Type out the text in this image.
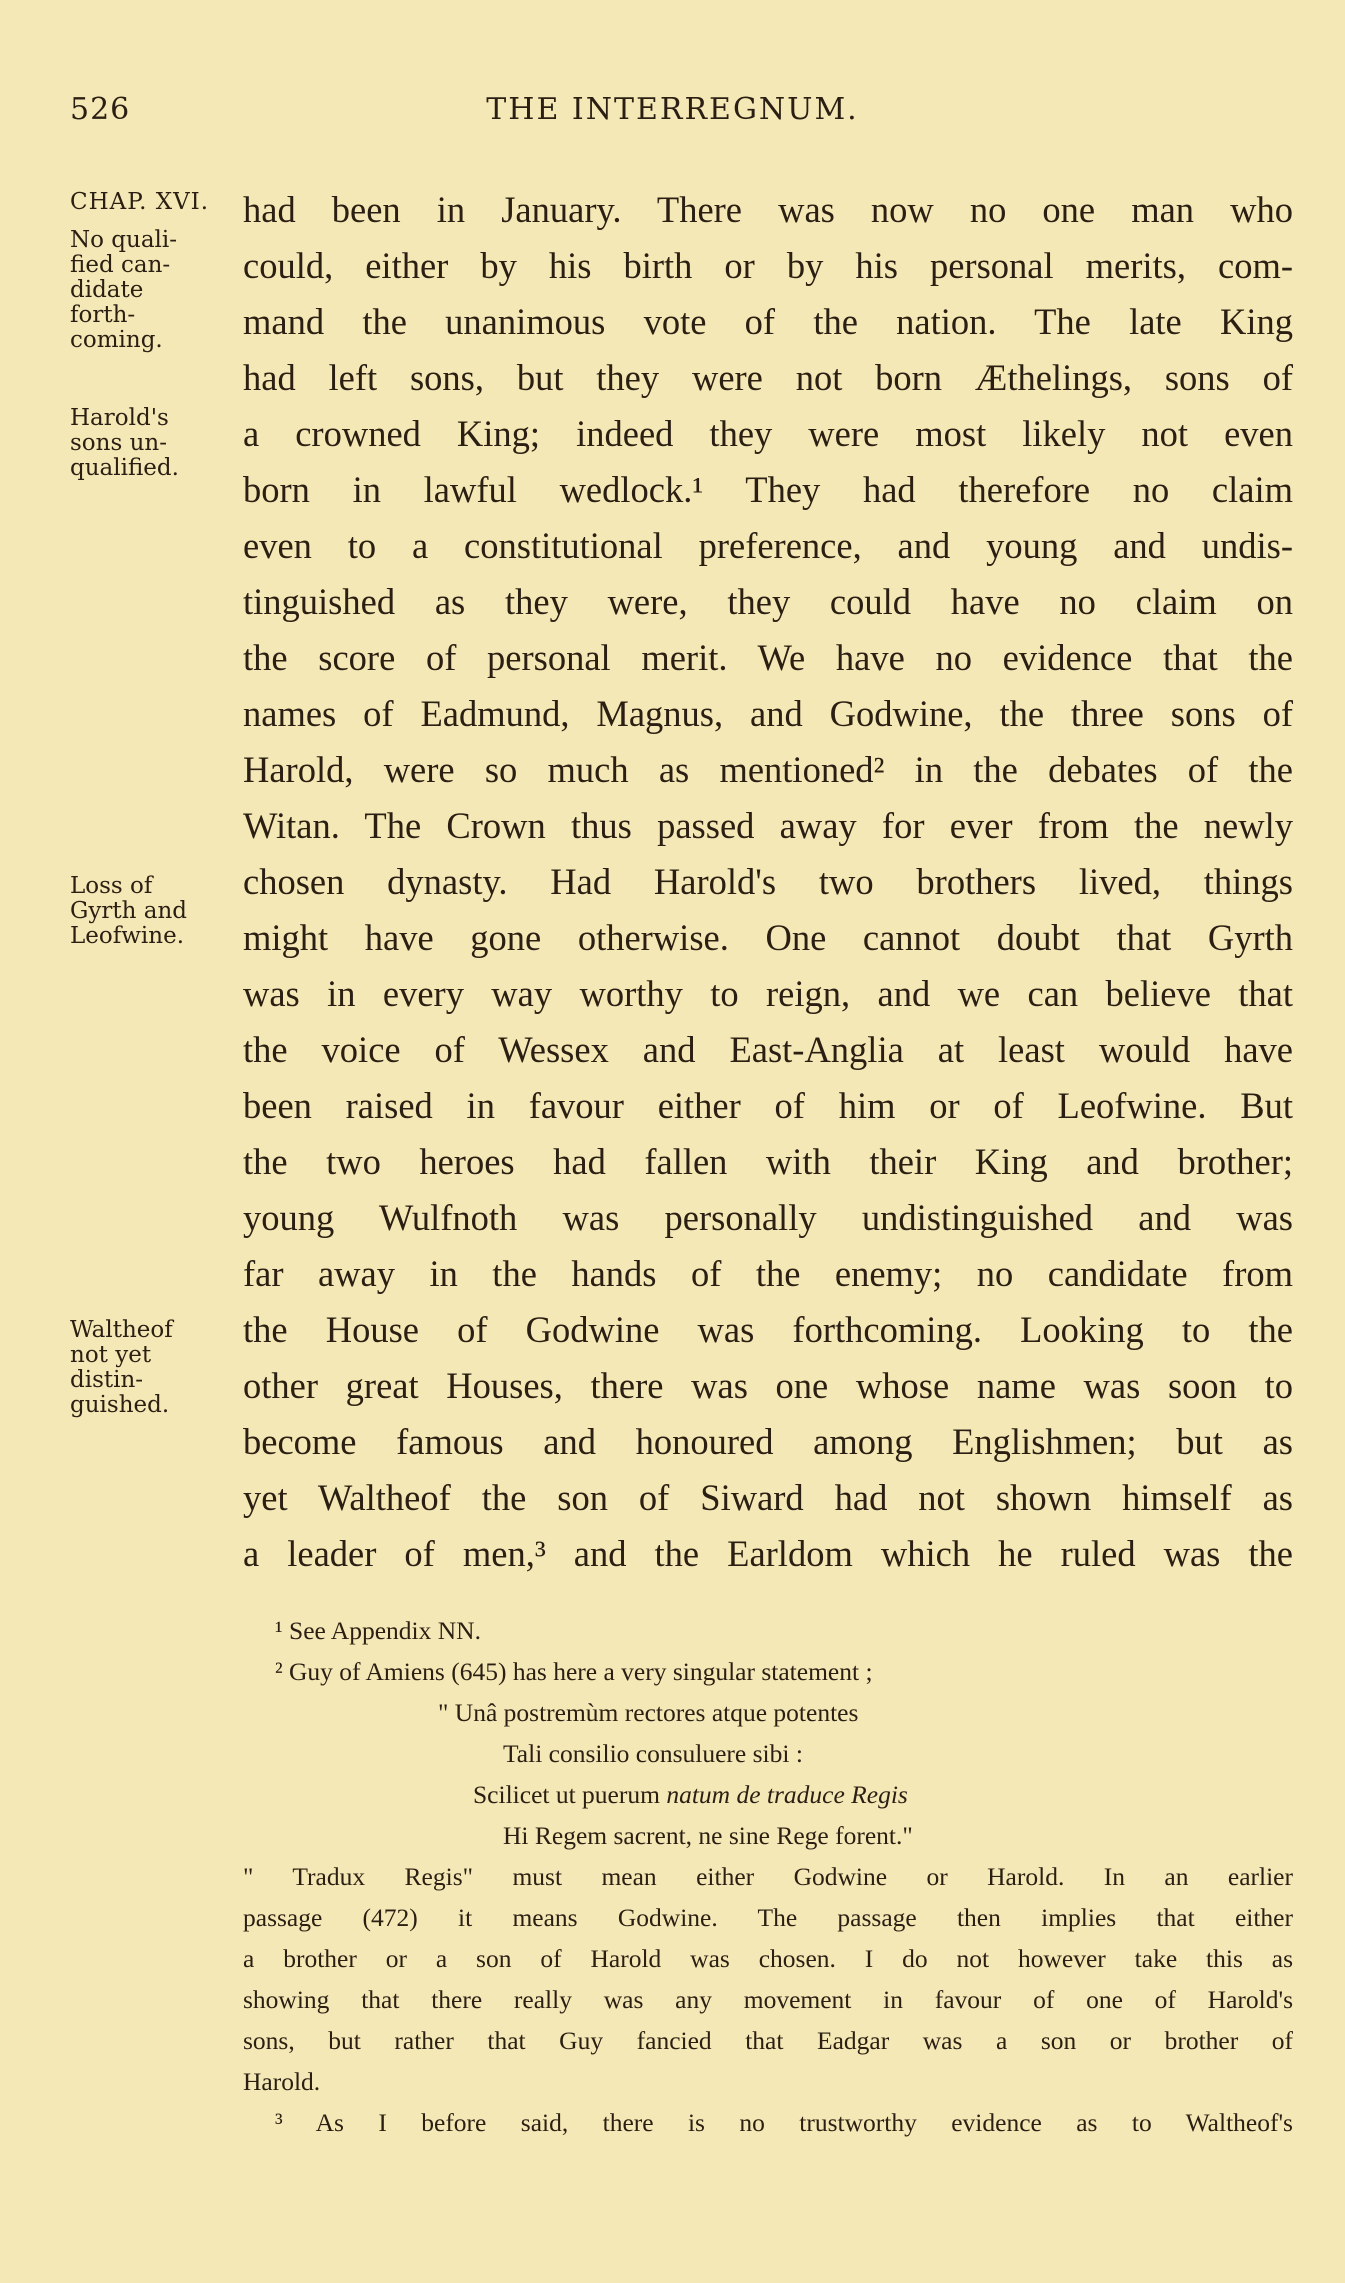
526	THE INTERREGNUM.
CHAP. XVI.
No quali-
fied can-
didate
forth-
coming.
Harold's
sons un-
qualified.
Loss of
Gyrth and
Leofwine.
Waltheof
not yet
distin-
guished.
had been in January. There was now no one man who
could, either by his birth or by his personal merits, com-
mand the unanimous vote of the nation. The late King
had left sons, but they were not born Æthelings, sons of
a crowned King; indeed they were most likely not even
born in lawful wedlock.¹ They had therefore no claim
even to a constitutional preference, and young and undis-
tinguished as they were, they could have no claim on
the score of personal merit. We have no evidence that the
names of Eadmund, Magnus, and Godwine, the three sons of
Harold, were so much as mentioned² in the debates of the
Witan. The Crown thus passed away for ever from the newly
chosen dynasty. Had Harold's two brothers lived, things
might have gone otherwise. One cannot doubt that Gyrth
was in every way worthy to reign, and we can believe that
the voice of Wessex and East-Anglia at least would have
been raised in favour either of him or of Leofwine. But
the two heroes had fallen with their King and brother;
young Wulfnoth was personally undistinguished and was
far away in the hands of the enemy; no candidate from
the House of Godwine was forthcoming. Looking to the
other great Houses, there was one whose name was soon to
become famous and honoured among Englishmen; but as
yet Waltheof the son of Siward had not shown himself as
a leader of men,³ and the Earldom which he ruled was the
¹ See Appendix NN.
² Guy of Amiens (645) has here a very singular statement ;
" Unâ postremùm rectores atque potentes
Tali consilio consuluere sibi :
Scilicet ut puerum natum de traduce Regis
Hi Regem sacrent, ne sine Rege forent."
" Tradux Regis" must mean either Godwine or Harold. In an earlier
passage (472) it means Godwine. The passage then implies that either
a brother or a son of Harold was chosen. I do not however take this as
showing that there really was any movement in favour of one of Harold's
sons, but rather that Guy fancied that Eadgar was a son or brother of
Harold.
³ As I before said, there is no trustworthy evidence as to Waltheof's
